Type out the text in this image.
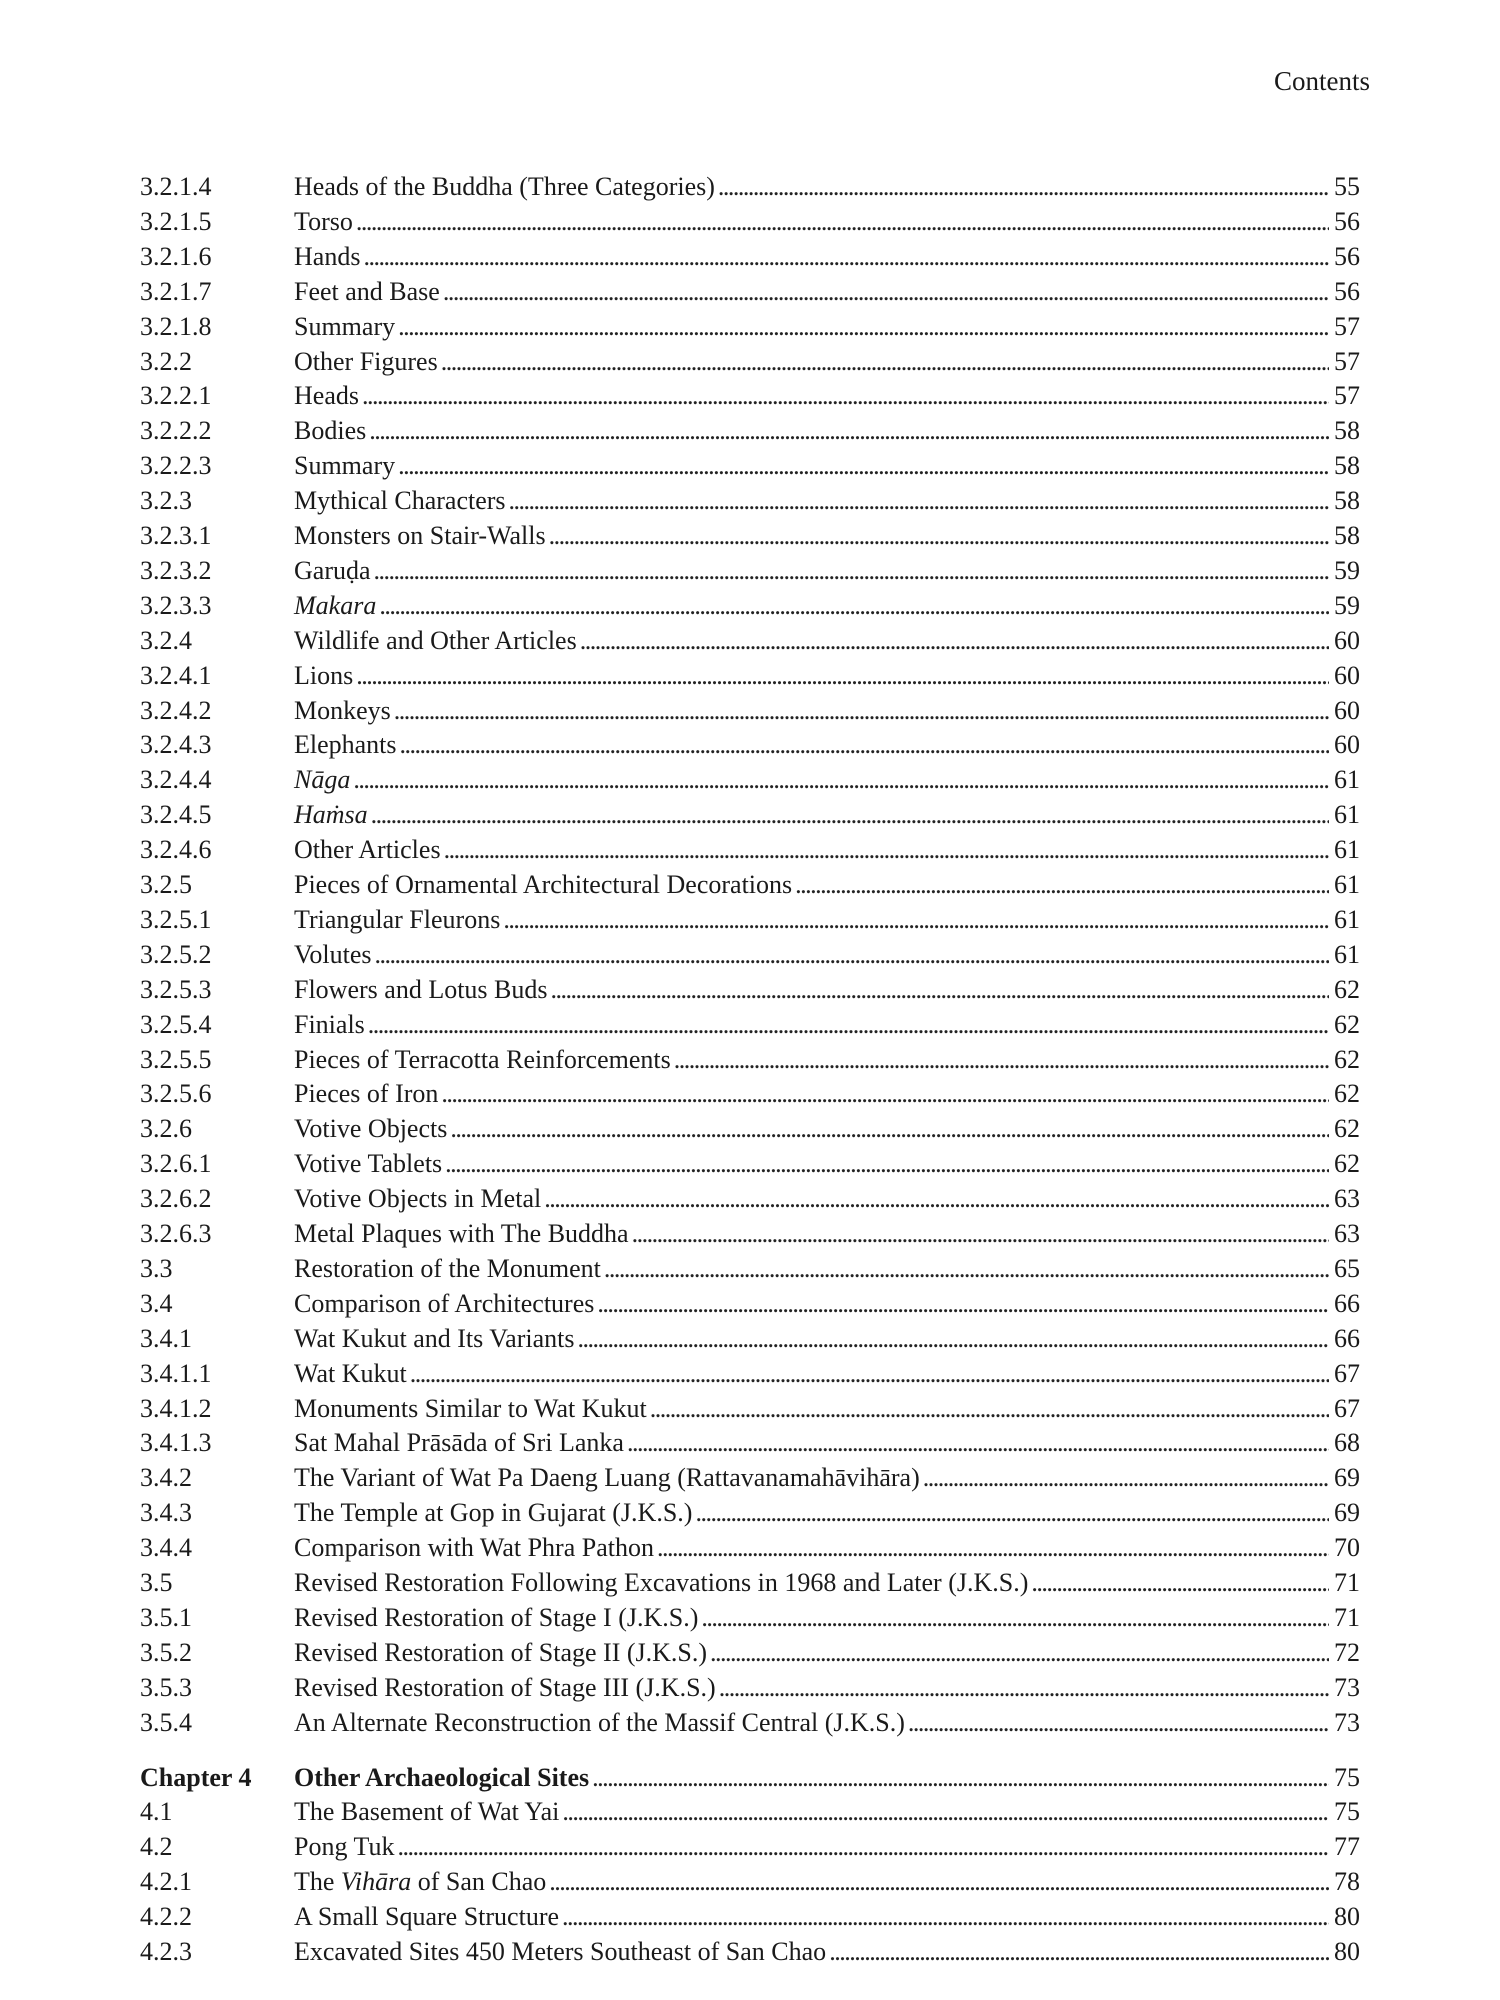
Contents
3.2.1.4	Heads of the Buddha (Three Categories) . . .	55
3.2.1.5	Torso . . .	56
3.2.1.6	Hands . . .	56
3.2.1.7	Feet and Base . . .	56
3.2.1.8	Summary . . .	57
3.2.2	Other Figures . . .	57
3.2.2.1	Heads . . .	57
3.2.2.2	Bodies . . .	58
3.2.2.3	Summary . . .	58
3.2.3	Mythical Characters . . .	58
3.2.3.1	Monsters on Stair-Walls . . .	58
3.2.3.2	Garuḍa . . .	59
3.2.3.3	Makara . . .	59
3.2.4	Wildlife and Other Articles . . .	60
3.2.4.1	Lions . . .	60
3.2.4.2	Monkeys . . .	60
3.2.4.3	Elephants . . .	60
3.2.4.4	Nāga . . .	61
3.2.4.5	Haṁsa . . .	61
3.2.4.6	Other Articles . . .	61
3.2.5	Pieces of Ornamental Architectural Decorations . . .	61
3.2.5.1	Triangular Fleurons . . .	61
3.2.5.2	Volutes . . .	61
3.2.5.3	Flowers and Lotus Buds . . .	62
3.2.5.4	Finials . . .	62
3.2.5.5	Pieces of Terracotta Reinforcements . . .	62
3.2.5.6	Pieces of Iron . . .	62
3.2.6	Votive Objects . . .	62
3.2.6.1	Votive Tablets . . .	62
3.2.6.2	Votive Objects in Metal . . .	63
3.2.6.3	Metal Plaques with The Buddha . . .	63
3.3	Restoration of the Monument . . .	65
3.4	Comparison of Architectures . . .	66
3.4.1	Wat Kukut and Its Variants . . .	66
3.4.1.1	Wat Kukut . . .	67
3.4.1.2	Monuments Similar to Wat Kukut . . .	67
3.4.1.3	Sat Mahal Prāsāda of Sri Lanka . . .	68
3.4.2	The Variant of Wat Pa Daeng Luang (Rattavanamahāvihāra) . . .	69
3.4.3	The Temple at Gop in Gujarat (J.K.S.) . . .	69
3.4.4	Comparison with Wat Phra Pathon . . .	70
3.5	Revised Restoration Following Excavations in 1968 and Later (J.K.S.) . . .	71
3.5.1	Revised Restoration of Stage I (J.K.S.) . . .	71
3.5.2	Revised Restoration of Stage II (J.K.S.) . . .	72
3.5.3	Revised Restoration of Stage III (J.K.S.) . . .	73
3.5.4	An Alternate Reconstruction of the Massif Central (J.K.S.) . . .	73
Chapter 4	Other Archaeological Sites . . .	75
4.1	The Basement of Wat Yai . . .	75
4.2	Pong Tuk . . .	77
4.2.1	The Vihāra of San Chao . . .	78
4.2.2	A Small Square Structure . . .	80
4.2.3	Excavated Sites 450 Meters Southeast of San Chao . . .	80
